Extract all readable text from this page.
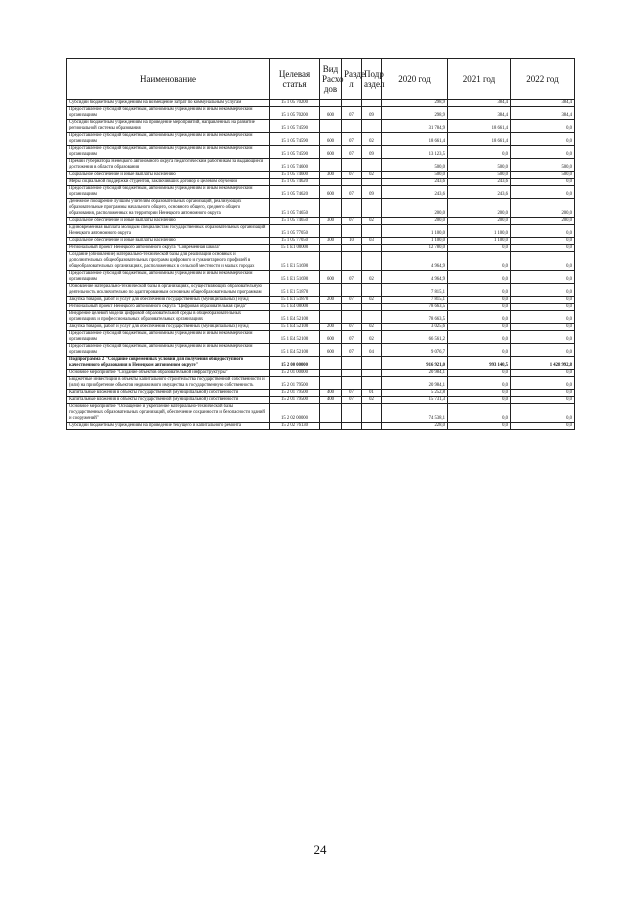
Наименование	Целевая статья	Вид Расхо дов	Разде л	Подр аздел	2020 год	2021 год	2022 год
Субсидии бюджетным учреждениям на возмещение затрат по коммунальным услугам	15 1 05 70200				298,9	384,4	384,4
Предоставление субсидий бюджетным, автономным учреждениям и иным некоммерческим организациям	15 1 05 70200	600	07	09	298,9	384,4	384,4
Субсидии бюджетным учреждениям на проведение мероприятий, направленных на развитие региональной системы образования	15 1 05 74590				31 784,9	18 661,4	0,0
Предоставление субсидий бюджетным, автономным учреждениям и иным некоммерческим организациям	15 1 05 74590	600	07	02	18 661,4	18 661,4	0,0
Предоставление субсидий бюджетным, автономным учреждениям и иным некоммерческим организациям	15 1 05 74590	600	07	09	13 123,5	0,0	0,0
Премии губернатора Ненецкого автономного округа педагогическим работникам за выдающиеся достижения в области образования	15 1 05 74600				500,0	500,0	500,0
Социальное обеспечение и иные выплаты населению	15 1 05 74600	300	07	02	500,0	500,0	500,0
Меры социальной поддержки студентов, заключивших договор о целевом обучении	15 1 05 74620				243,6	243,6	0,0
Предоставление субсидий бюджетным, автономным учреждениям и иным некоммерческим организациям	15 1 05 74620	600	07	09	243,6	243,6	0,0
Денежное поощрение лучшим учителям образовательных организаций, реализующих образовательные программы начального общего, основного общего, среднего общего образования, расположенных на территории Ненецкого автономного округа	15 1 05 74650				200,0	200,0	200,0
Социальное обеспечение и иные выплаты населению	15 1 05 74650	300	07	02	200,0	200,0	200,0
Единовременная выплата молодым специалистам государственных образовательных организаций Ненецкого автономного округа	15 1 05 77050				1 100,0	1 100,0	0,0
Социальное обеспечение и иные выплаты населению	15 1 05 77050	300	10	03	1 100,0	1 100,0	0,0
Региональный проект Ненецкого автономного округа "Современная школа"	15 1 E1 00000				12 780,0	0,0	0,0
Создание (обновление) материально-технической базы для реализации основных и дополнительных общеобразовательных программ цифрового и гуманитарного профилей в общеобразовательных организациях, расположенных в сельской местности и малых городах	15 1 E1 51690				4 964,9	0,0	0,0
Предоставление субсидий бюджетным, автономным учреждениям и иным некоммерческим организациям	15 1 E1 51690	600	07	02	4 964,9	0,0	0,0
Обновление материально-технической базы в организациях, осуществляющих образовательную деятельность исключительно по адаптированным основным общеобразовательным программам	15 1 E1 51870				7 815,1	0,0	0,0
Закупка товаров, работ и услуг для обеспечения государственных (муниципальных) нужд	15 1 E1 51870	200	07	02	7 815,1	0,0	0,0
Региональный проект Ненецкого автономного округа "Цифровая образовательная среда"	15 1 E4 00000				78 663,5	0,0	0,0
Внедрение целевой модели цифровой образовательной среды в общеобразовательных организациях и профессиональных образовательных организациях	15 1 E4 52100				78 663,5	0,0	0,0
Закупка товаров, работ и услуг для обеспечения государственных (муниципальных) нужд	15 1 E4 52100	200	07	02	3 025,6	0,0	0,0
Предоставление субсидий бюджетным, автономным учреждениям и иным некоммерческим организациям	15 1 E4 52100	600	07	02	66 561,2	0,0	0,0
Предоставление субсидий бюджетным, автономным учреждениям и иным некоммерческим организациям	15 1 E4 52100	600	07	04	9 076,7	0,0	0,0
Подпрограмма 2 "Создание современных условий для получения общедоступного качественного образования в Ненецком автономном округе"	15 2 00 00000				916 921,0	993 140,5	1 428 992,8
Основное мероприятие "Создание объектов образовательной инфраструктуры"	15 2 01 00000				20 984,1	0,0	0,0
Бюджетные инвестиции в объекты капитального строительства государственной собственности и (или) на приобретение объектов недвижимого имущества в государственную собственность	15 2 01 79500				20 984,1	0,0	0,0
Капитальные вложения в объекты государственной (муниципальной) собственности	15 2 01 79500	400	07	01	5 252,8	0,0	0,0
Капитальные вложения в объекты государственной (муниципальной) собственности	15 2 01 79500	400	07	02	15 731,3	0,0	0,0
Основное мероприятие "Оснащение и укрепление материально-технической базы государственных образовательных организаций, обеспечение сохранности и безопасности зданий и сооружений"	15 2 02 00000				74 538,1	0,0	0,0
Субсидии бюджетным учреждениям на проведение текущего и капитального ремонта	15 2 02 76130				228,0	0,0	0,0
24
